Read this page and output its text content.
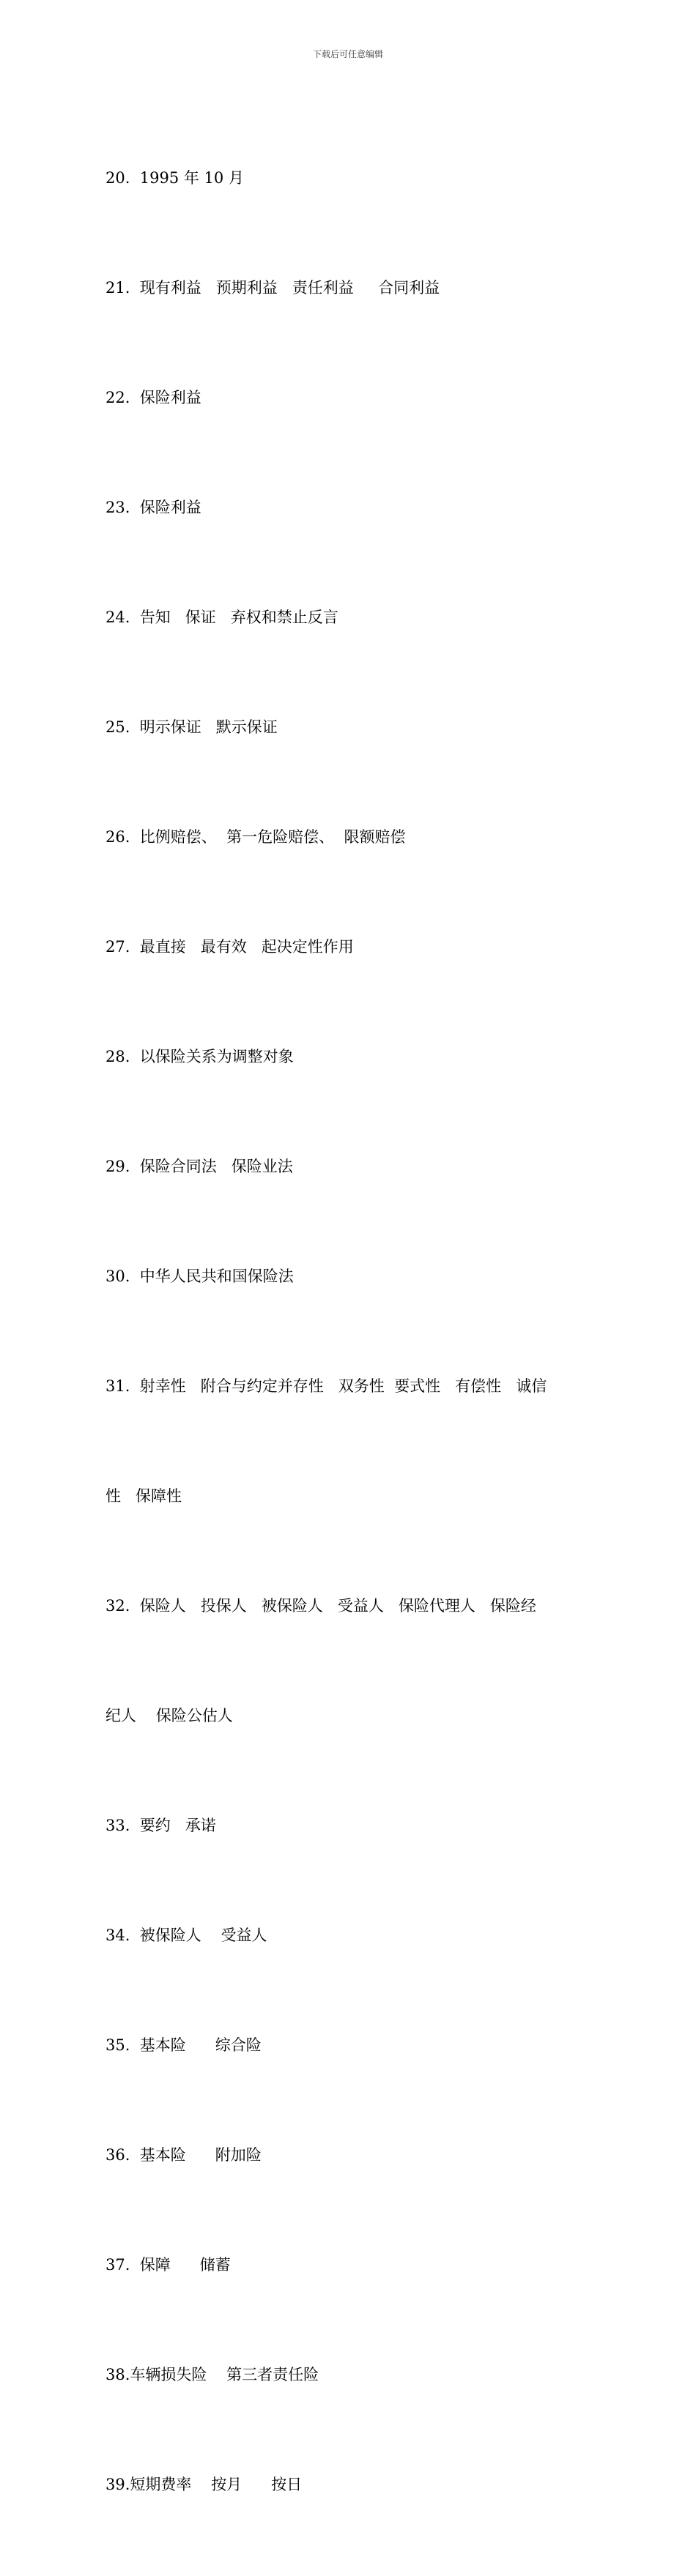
下载后可任意编辑

20.  1995 年 10 月

21.  现有利益   预期利益   责任利益     合同利益

22.  保险利益

23.  保险利益

24.  告知   保证   弃权和禁止反言

25.  明示保证   默示保证

26.  比例赔偿、  第一危险赔偿、  限额赔偿

27.  最直接   最有效   起决定性作用

28.  以保险关系为调整对象

29.  保险合同法   保险业法

30.  中华人民共和国保险法

31.  射幸性   附合与约定并存性   双务性  要式性   有偿性   诚信

性   保障性

32.  保险人   投保人   被保险人   受益人   保险代理人   保险经

纪人    保险公估人

33.  要约   承诺

34.  被保险人    受益人

35.  基本险      综合险

36.  基本险      附加险

37.  保障      储蓄

38.车辆损失险    第三者责任险

39.短期费率    按月      按日
